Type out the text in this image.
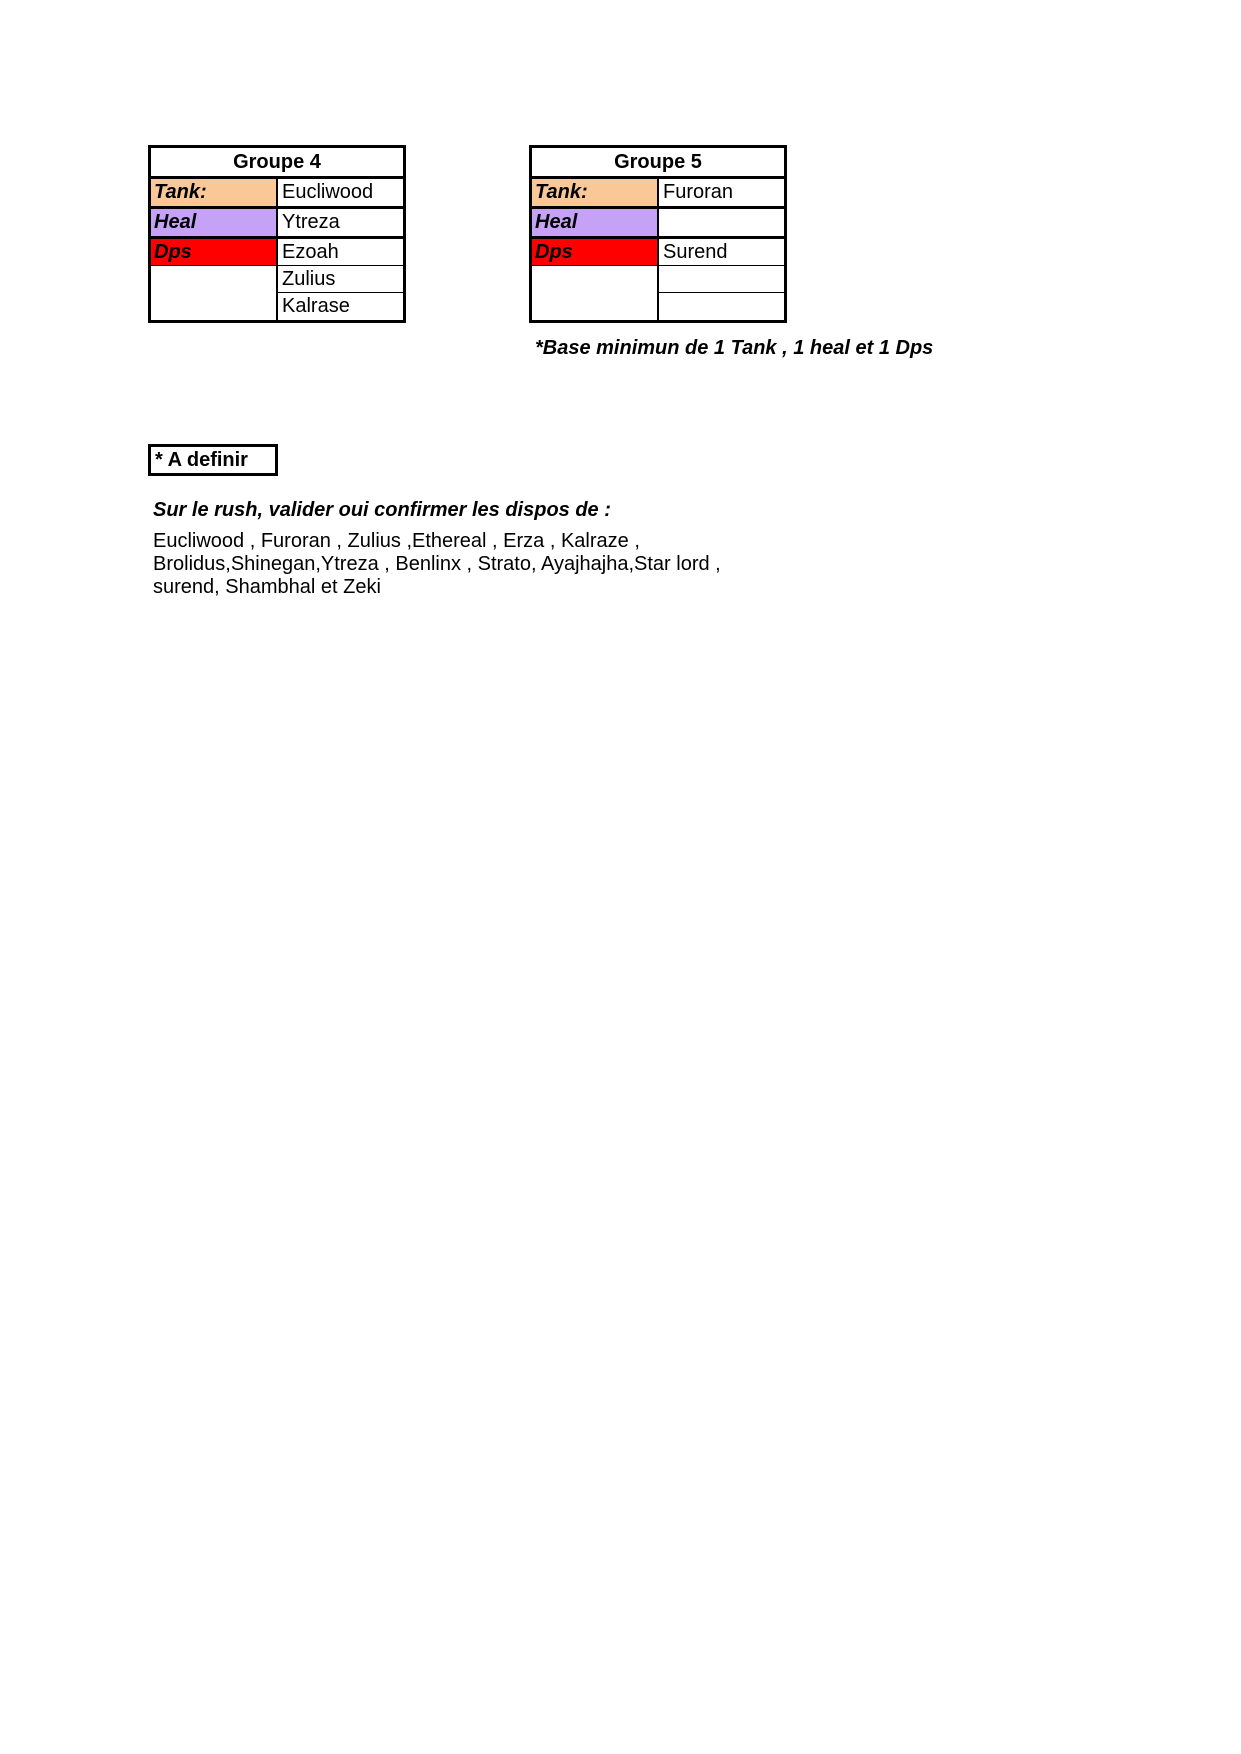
Groupe 4
Tank:	Eucliwood
Heal	Ytreza
Dps	Ezoah
Zulius
Kalrase
Groupe 5
Tank:	Furoran
Heal
Dps	Surend
*Base minimun de 1 Tank , 1 heal et 1 Dps
* A definir
Sur le rush, valider oui confirmer les dispos de :
Eucliwood , Furoran , Zulius ,Ethereal , Erza , Kalraze ,
Brolidus,Shinegan,Ytreza , Benlinx , Strato, Ayajhajha,Star lord ,
surend, Shambhal et Zeki
